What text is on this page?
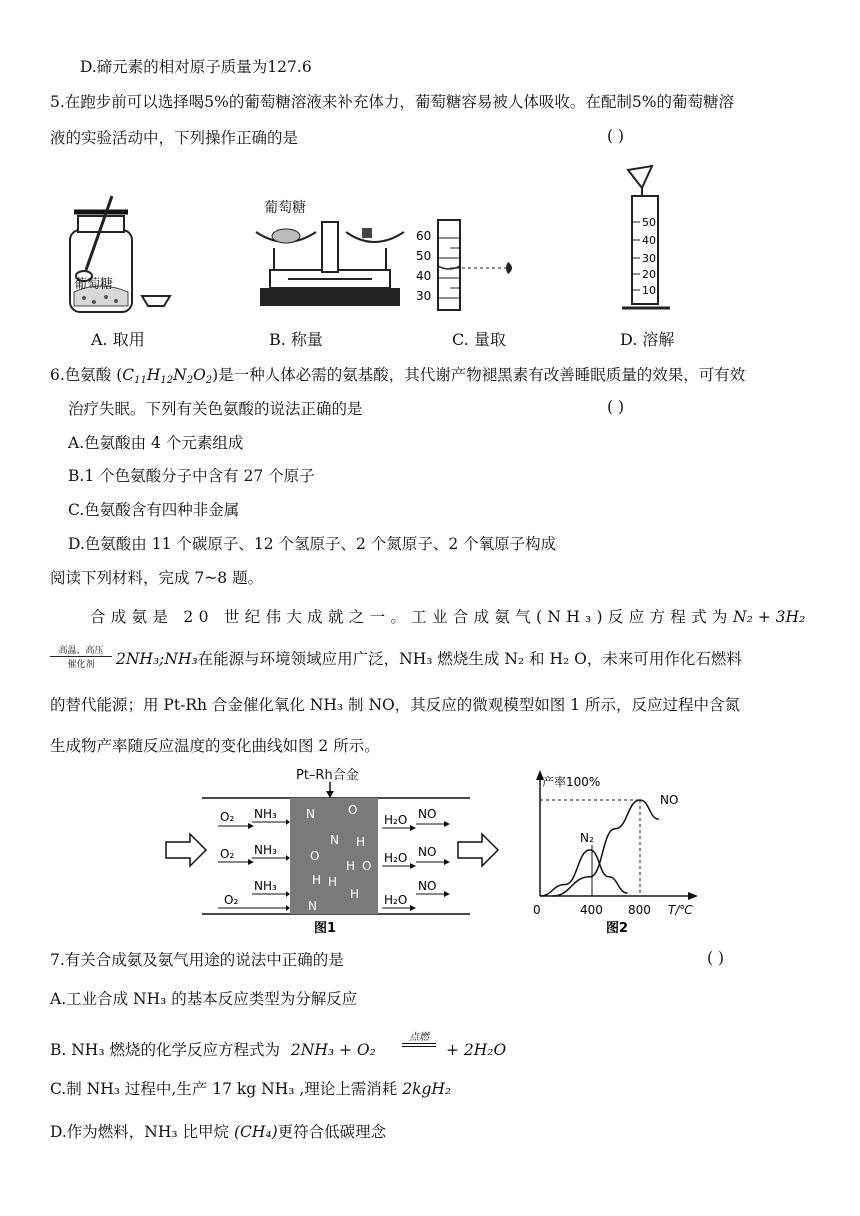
D.碲元素的相对原子质量为127.6
5.在跑步前可以选择喝5%的葡萄糖溶液来补充体力，葡萄糖容易被人体吸收。在配制5%的葡萄糖溶
液的实验活动中，下列操作正确的是	( )
葡萄糖
葡萄糖
60
50
40
30
50
40
30
20
10
A. 取用	B. 称量	C. 量取	D. 溶解
6.色氨酸 $(C_{11}H_{12}N_2O_2)$是一种人体必需的氨基酸，其代谢产物褪黑素有改善睡眠质量的效果，可有效
治疗失眠。下列有关色氨酸的说法正确的是	( )
A.色氨酸由 4 个元素组成
B.1 个色氨酸分子中含有 27 个原子
C.色氨酸含有四种非金属
D.色氨酸由 11 个碳原子、12 个氢原子、2 个氮原子、2 个氧原子构成
阅读下列材料，完成 7~8 题。
合成氨是 20 世纪伟大成就之一。工业合成氨气(NH₃)反应方程式为 N₂ + 3H₂
高温、高压
催化剂	2NH₃;NH₃在能源与环境领域应用广泛，NH₃ 燃烧生成 N₂ 和 H₂ O，未来可用作化石燃料
的替代能源；用 Pt-Rh 合金催化氧化 NH₃ 制 NO，其反应的微观模型如图 1 所示，反应过程中含氮
生成物产率随反应温度的变化曲线如图 2 所示。
Pt–Rh合金
O₂ NH₃
O₂ NH₃
NH₃
O₂
H₂O NO
H₂O NO
H₂O
NO
N
O
H
N
O
N
H
H
H
O
H
图1
产率100%
NO
N₂
0	400 800 T/℃
图2
7.有关合成氨及氨气用途的说法中正确的是	( )
A.工业合成 NH₃ 的基本反应类型为分解反应
B. NH₃ 燃烧的化学反应方程式为 2NH₃ + O₂
点燃
+ 2H₂O
C.制 NH₃ 过程中,生产 17 kg NH₃ ,理论上需消耗 2kgH₂
D.作为燃料，NH₃ 比甲烷 (CH₄)更符合低碳理念
